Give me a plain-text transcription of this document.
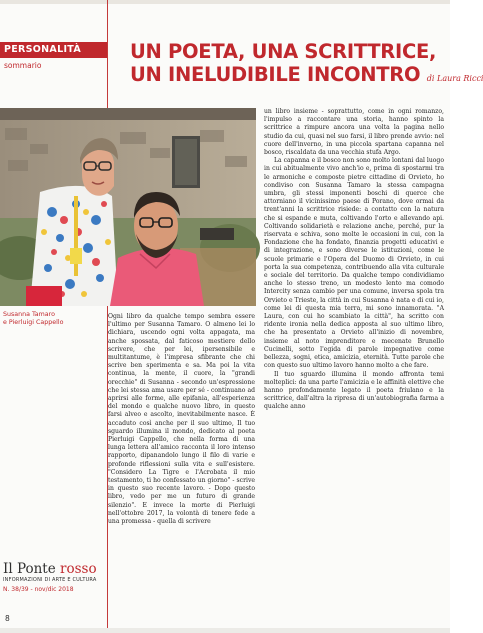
PERSONALITÀ
sommario
UN POETA, UNA SCRITTRICE,
UN INELUDIBILE INCONTRO di Laura Ricci
Susanna Tamaro
e Pierluigi Cappello

Ogni libro da qualche tempo sembra essere l'ultimo per Susanna Tamaro. O almeno lei lo dichiara, uscendo ogni volta appagata, ma anche spossata, dal faticoso mestiere dello scrivere, che per lei, ipersensibile e multitantume, è l'impresa sfibrante che chi scrive ben sperimenta e sa. Ma poi la vita continua, la mente, il cuore, la "grandi orecchie" di Susanna - secondo un'espressione che lei stessa ama usare per sé - continuano ad aprirsi alle forme, alle epifania, all'esperienza del mondo e qualche nuovo libro, in questo farsi alveo e ascolto, inevitabilmente nasce. È accaduto così anche per il suo ultimo, Il tuo sguardo illumina il mondo, dedicato al poeta Pierluigi Cappello, che nella forma di una lunga lettera all'amico racconta il loro intenso rapporto, dipanandolo lungo il filo di varie e profonde riflessioni sulla vita e sull'esistere. "Considero La Tigre e l'Acrobata il mio testamento, ti ho confessato un giorno" - scrive in questo suo recente lavoro. - Dopo questo libro, vedo per me un futuro di grande silenzio". E invece la morte di Pierluigi nell'ottobre 2017, la volontà di tenere fede a una promessa - quella di scrivere

un libro insieme - soprattutto, come in ogni romanzo, l'impulso a raccontare una storia, hanno spinto la scrittrice a rimpure ancora una volta la pagina nello studio da cui, quasi nel suo farsi, il libro prende avvio: nel cuore dell'inverno, in una piccola spartana capanna nel bosco, riscaldata da una vecchia stufa Argo.

La capanna e il bosco non sono molto lontani dal luogo in cui abitualmente vivo anch'io e, prima di spostarmi tra le armoniche e composte pietre cittadine di Orvieto, ho condiviso con Susanna Tamaro la stessa campagna umbra, gli stessi imponenti boschi di querce che attorniano il vicinissimo paese di Porano, dove ormai da trent'anni la scrittrice risiede: a contatto con la natura che si espande e muta, coltivando l'orto e allevando api. Coltivando solidarietà e relazione anche, perché, pur la riservata e schiva, sono molte le occasioni in cui, con la Fondazione che ha fondato, finanzia progetti educativi e di integrazione, e sono diverse le istituzioni, come le scuole primarie e l'Opera del Duomo di Orvieto, in cui porta la sua competenza, contribuendo alla vita culturale e sociale del territorio. Da qualche tempo condividiamo anche lo stesso treno, un modesto lento ma comodo Intercity senza cambio per una comune, inversa spola tra Orvieto e Trieste, la città in cui Susanna è nata e di cui io, come lei di questa mia terra, mi sono innamorata. "A Laura, con cui ho scambiato la città", ha scritto con ridente ironia nella dedica apposta al suo ultimo libro, che ha presentato a Orvieto all'inizio di novembre, insieme al noto imprenditore e mecenate Brunello Cucinelli, sotto l'egida di parole impegnative come bellezza, sogni, etica, amicizia, eternità. Tutte parole che con questo suo ultimo lavoro hanno molto a che fare.

Il tuo sguardo illumina il mondo affronta temi molteplici: da una parte l'amicizia e le affinità elettive che hanno profondamente legato il poeta friulano e la scrittrice, dall'altra la ripresa di un'autobiografia farma a qualche anno

Il Ponte rosso
INFORMAZIONI DI ARTE E CULTURA
N. 38/39 - nov/dic 2018
8
